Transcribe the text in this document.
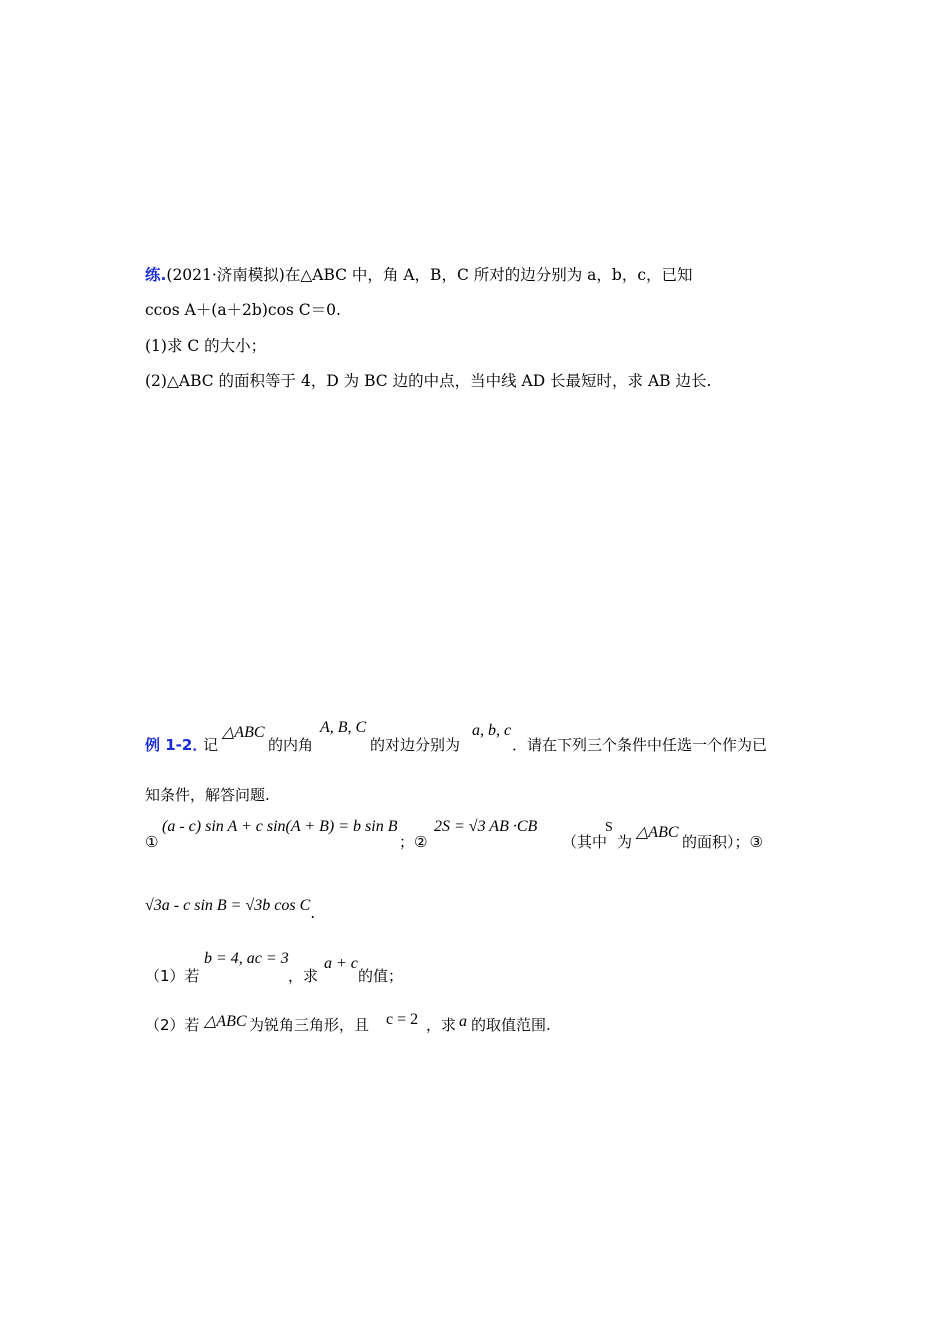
练.(2021·济南模拟)在△ABC 中，角 A，B，C 所对的边分别为 a，b，c，已知
ccos A＋(a＋2b)cos C＝0.
(1)求 C 的大小；
(2)△ABC 的面积等于 4，D 为 BC 边的中点，当中线 AD 长最短时，求 AB 边长.
例 1-2．
记	的内角	的对边分别为	．请在下列三个条件中任选一个作为已
△ABC	A, B, C	a, b, c
知条件，解答问题.
①	；②	（其中 为	的面积）；③
(a - c) sin A + c sin(A + B) = b sin B 2S = √3 AB ·CB	S △ABC
√3a - c sin B = √3b cos C.
（1）若	，求	的值；
b = 4, ac = 3 a + c
（2）若	为锐角三角形，且	，求 的取值范围.
△ABC	c = 2	a
